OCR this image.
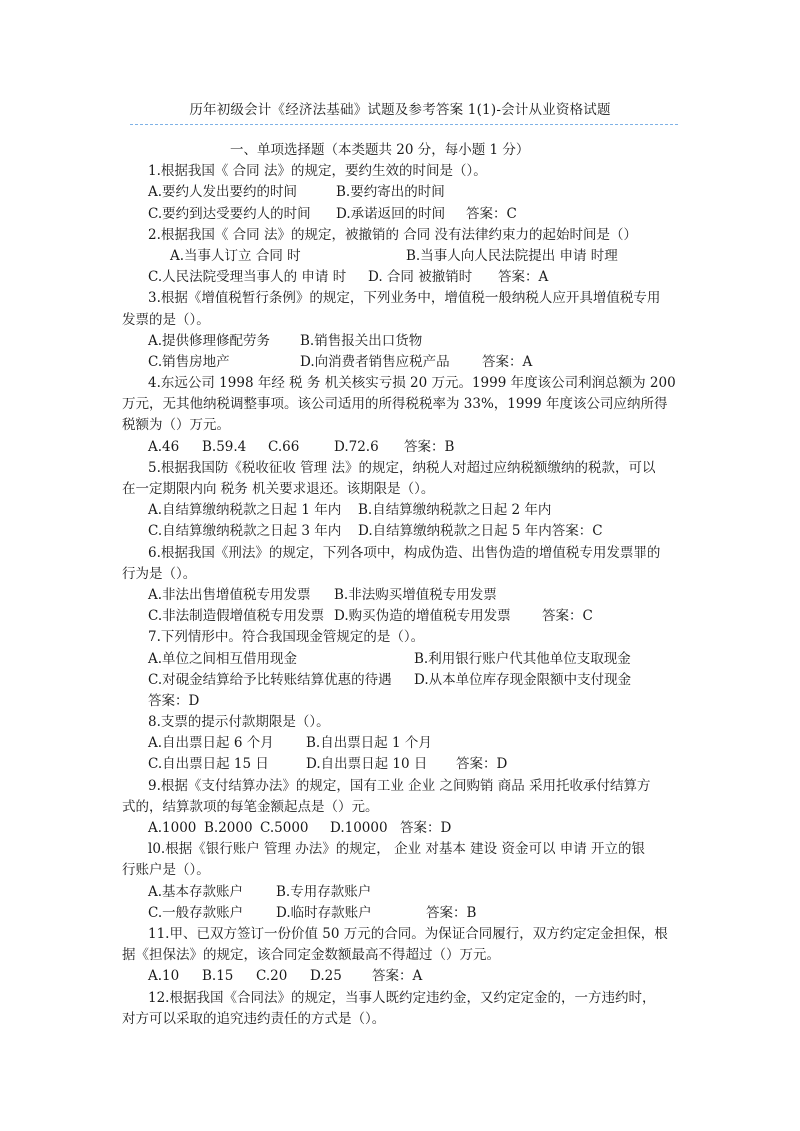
历年初级会计《经济法基础》试题及参考答案 1(1)-会计从业资格试题
一、单项选择题（本类题共 20 分，每小题 1 分）
1.根据我国《 合同 法》的规定，要约生效的时间是（）。
A.要约人发出要约的时间	B.要约寄出的时间
C.要约到达受要约人的时间 D.承诺返回的时间 答案：C
2.根据我国《 合同 法》的规定，被撤销的 合同 没有法律约束力的起始时间是（）
A.当事人订立 合同 时	B.当事人向人民法院提出 申请 时理
C.人民法院受理当事人的 申请 时 D. 合同 被撤销时 答案：A
3.根据《增值税暂行条例》的规定，下列业务中，增值税一般纳税人应开具增值税专用
发票的是（）。
A.提供修理修配劳务 B.销售报关出口货物
C.销售房地产	D.向消费者销售应税产品 答案：A
4.东远公司 1998 年经 税 务 机关核实亏损 20 万元。1999 年度该公司利润总额为 200
万元，无其他纳税调整事项。该公司适用的所得税税率为 33%，1999 年度该公司应纳所得
税额为（）万元。
A.46 B.59.4 C.66	D.72.6 答案：B
5.根据我国防《税收征收 管理 法》的规定，纳税人对超过应纳税额缴纳的税款，可以
在一定期限内向 税务 机关要求退还。该期限是（）。
A.自结算缴纳税款之日起 1 年内 B.自结算缴纳税款之日起 2 年内
C.自结算缴纳税款之日起 3 年内 D.自结算缴纳税款之日起 5 年内答案：C
6.根据我国《刑法》的规定，下列各项中，构成伪造、出售伪造的增值税专用发票罪的
行为是（）。
A.非法出售增值税专用发票 B.非法购买增值税专用发票
C.非法制造假增值税专用发票 D.购买伪造的增值税专用发票 答案：C
7.下列情形中。符合我国现金管规定的是（）。
A.单位之间相互借用现金	B.利用银行账户代其他单位支取现金
C.对硯金结算给予比转账结算优惠的待遇 D.从本单位库存现金限额中支付现金
答案：D
8.支票的提示付款期限是（）。
A.自出票日起 6 个月 B.自出票日起 1 个月
C.自出票日起 15 日	D.自出票日起 10 日 答案：D
9.根据《支付结算办法》的规定，国有工业 企业 之间购销 商品 采用托收承付结算方
式的，结算款项的每笔金额起点是（）元。
A.1000 B.2000 C.5000 D.10000 答案：D
l0.根据《银行账户 管理 办法》的规定， 企业 对基本 建设 资金可以 申请 开立的银
行账户是（）。
A.基本存款账户 B.专用存款账户
C.一般存款账户 D.临时存款账户	答案：B
11.甲、已双方签订一份价值 50 万元的合同。为保证合同履行，双方约定定金担保，根
据《担保法》的规定，该合同定金数额最高不得超过（）万元。
A.10 B.15 C.20 D.25 答案：A
12.根据我国《合同法》的规定，当事人既约定违约金，又约定定金的，一方违约时，
对方可以采取的追究违约责任的方式是（）。
